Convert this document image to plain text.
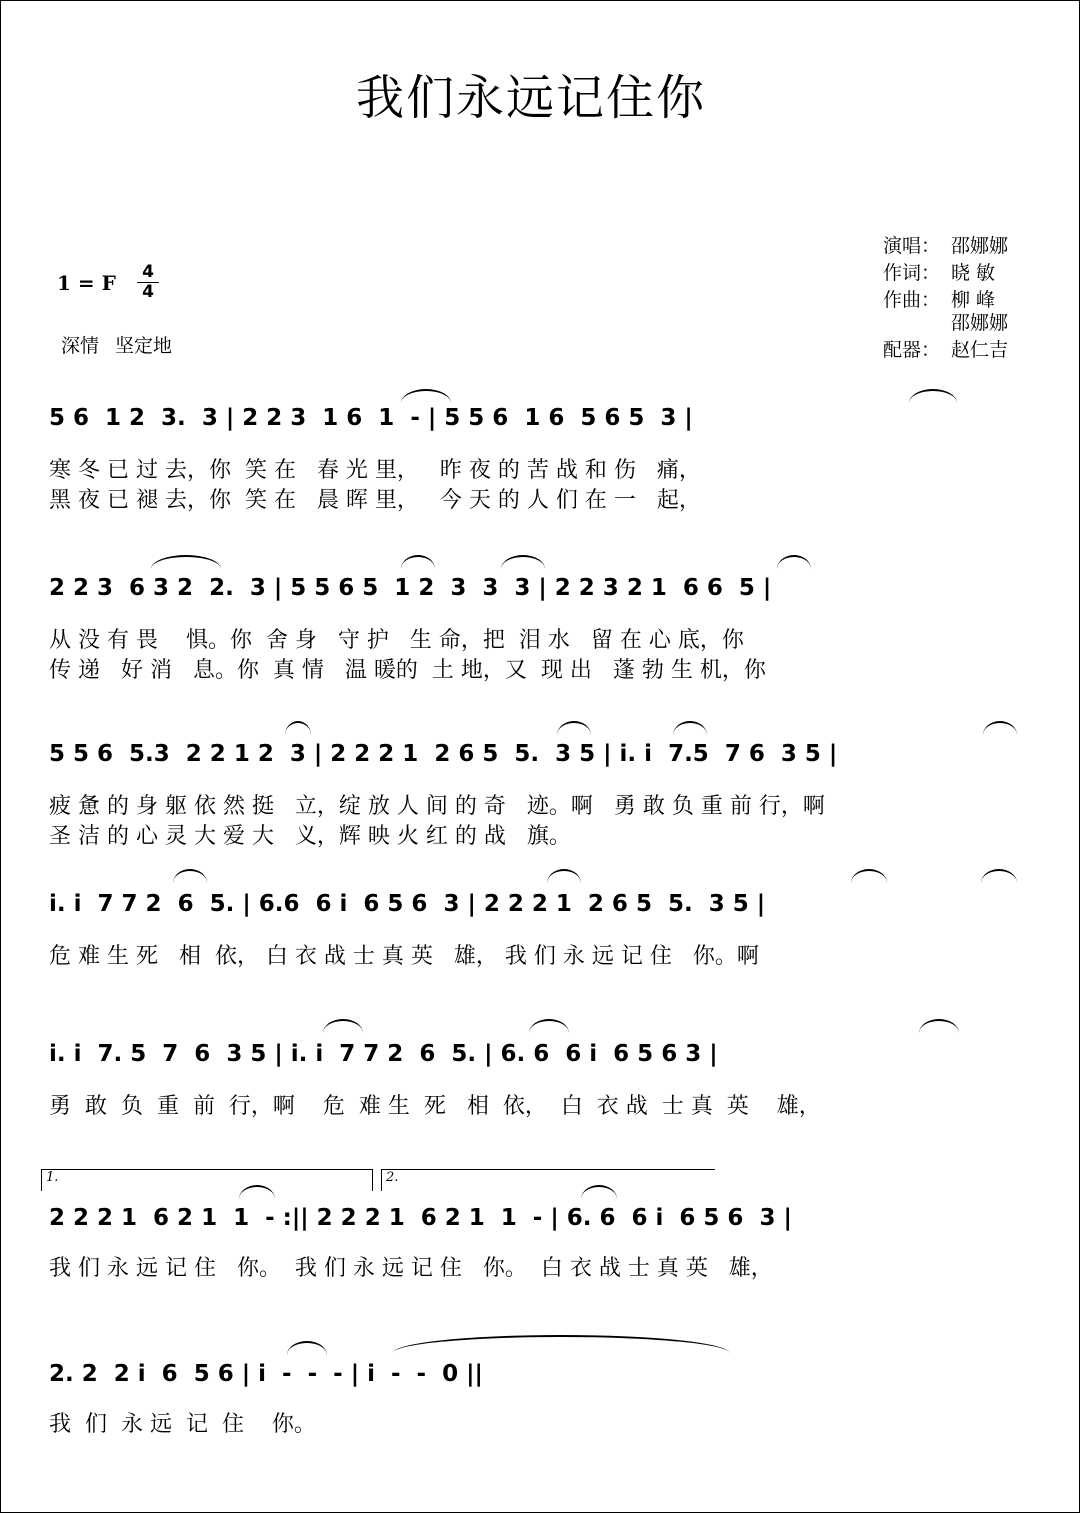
我们永远记住你
1 = F 4
4
深情 坚定地
演唱： 邵娜娜
作词： 晓 敏
作曲： 柳 峰
邵娜娜
配器： 赵仁吉
5 6  1 2  3.  3 | 2 2 3  1 6  1  - | 5 5 6  1 6  5 6 5  3 |
寒 冬 已 过 去，你  笑 在   春 光 里，   昨 夜 的 苦 战 和 伤   痛，
黑 夜 已 褪 去，你  笑 在   晨 晖 里，   今 天 的 人 们 在 一   起，
2 2 3  6 3 2  2.  3 | 5 5 6 5  1 2  3  3  3 | 2 2 3 2 1  6 6  5 |
从 没 有 畏    惧。你  舍 身   守 护   生 命，把  泪 水   留 在 心 底，你
传 递   好 消   息。你  真 情   温 暖的  土 地，又  现 出   蓬 勃 生 机，你
5 5 6  5.3  2 2 1 2  3 | 2 2 2 1  2 6 5  5.  3 5 | i. i  7.5  7 6  3 5 |
疲 惫 的 身 躯 依 然 挺   立，绽 放 人 间 的 奇   迹。啊   勇 敢 负 重 前 行，啊
圣 洁 的 心 灵 大 爱 大   义，辉 映 火 红 的 战   旗。
i. i  7 7 2  6  5. | 6.6  6 i  6 5 6  3 | 2 2 2 1  2 6 5  5.  3 5 |
危 难 生 死   相  依， 白 衣 战 士 真 英   雄， 我 们 永 远 记 住   你。啊
i. i  7. 5  7  6  3 5 | i. i  7 7 2  6  5. | 6. 6  6 i  6 5 6 3 |
勇  敢  负  重  前  行，啊    危  难 生  死   相  依，  白  衣 战  士 真  英    雄，
1.	2.
2 2 2 1  6 2 1  1  - :|| 2 2 2 1  6 2 1  1  - | 6. 6  6 i  6 5 6  3 |
我 们 永 远 记 住   你。  我 们 永 远 记 住   你。  白 衣 战 士 真 英   雄，
2. 2  2 i  6  5 6 | i  -  -  - | i  -  -  0 ||
我  们  永 远  记  住    你。
